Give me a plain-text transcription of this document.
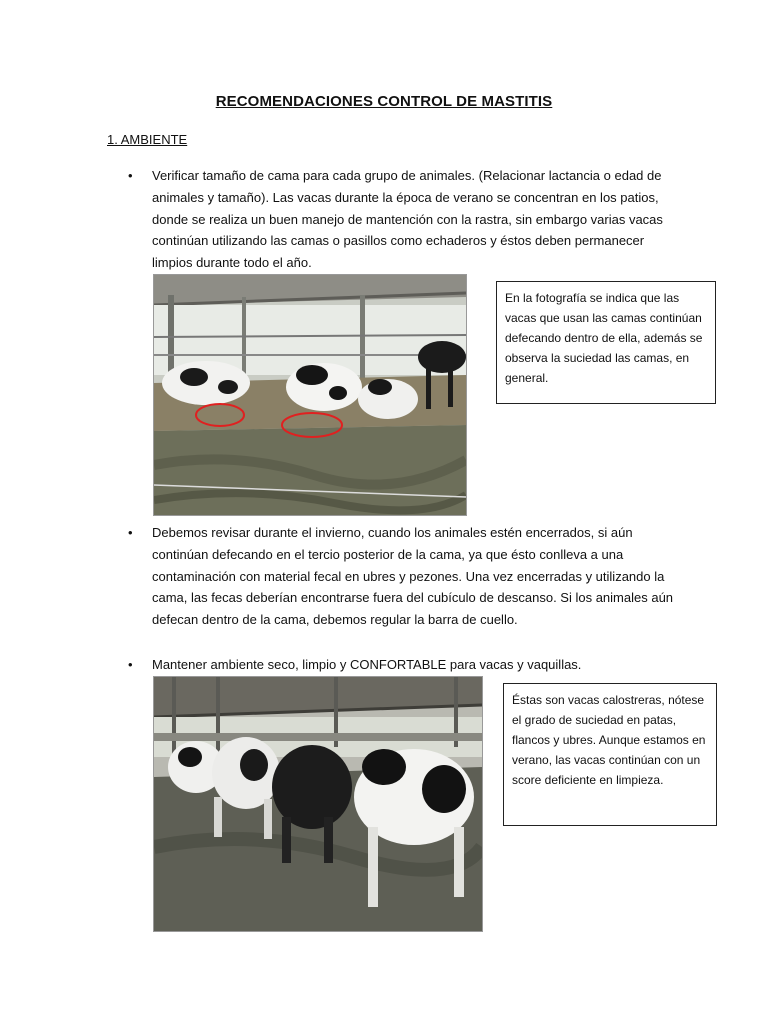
RECOMENDACIONES CONTROL DE MASTITIS
1. AMBIENTE
• Verificar tamaño de cama para cada grupo de animales. (Relacionar lactancia o edad de animales y tamaño). Las vacas durante la época de verano se concentran en los patios, donde se realiza un buen manejo de mantención con la rastra, sin embargo varias vacas continúan utilizando las camas o pasillos como echaderos y éstos deben permanecer limpios durante todo el año.
En la fotografía se indica que las vacas que usan las camas continúan defecando dentro de ella, además se observa la suciedad las camas, en general.
• Debemos revisar durante el invierno, cuando los animales estén encerrados, si aún continúan defecando en el tercio posterior de la cama, ya que ésto conlleva a una contaminación con material fecal en ubres y pezones. Una vez encerradas y utilizando la cama, las fecas deberían encontrarse fuera del cubículo de descanso. Si los animales aún defecan dentro de la cama, debemos regular la barra de cuello.
• Mantener ambiente seco, limpio y CONFORTABLE para vacas y vaquillas.
Éstas son vacas calostreras, nótese el grado de suciedad en patas, flancos y ubres. Aunque estamos en verano, las vacas continúan con un score deficiente en limpieza.
